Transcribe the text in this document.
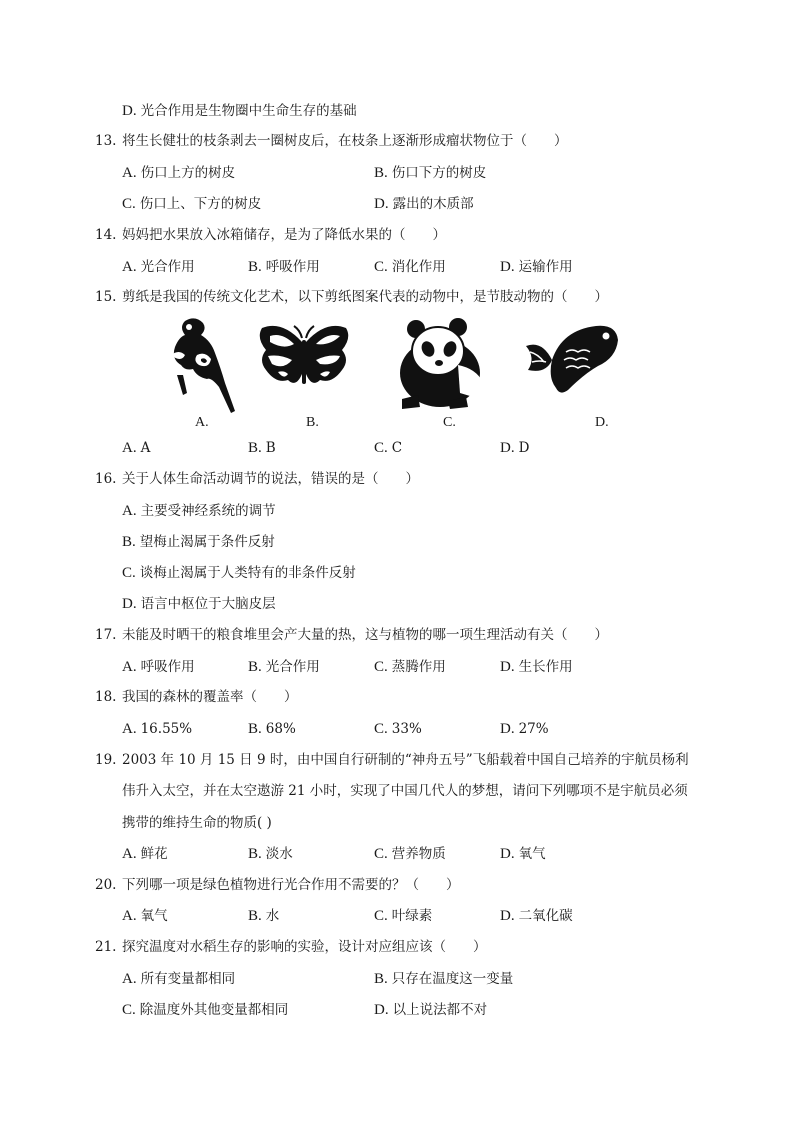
D. 光合作用是生物圈中生命生存的基础
13. 将生长健壮的枝条剥去一圈树皮后，在枝条上逐渐形成瘤状物位于（　　）
A. 伤口上方的树皮	B. 伤口下方的树皮
C. 伤口上、下方的树皮	D. 露出的木质部
14. 妈妈把水果放入冰箱储存，是为了降低水果的（　　）
A. 光合作用	B. 呼吸作用	C. 消化作用	D. 运输作用
15. 剪纸是我国的传统文化艺术，以下剪纸图案代表的动物中，是节肢动物的（　　）
A.	B.	C.	D.
A. A	B. B	C. C	D. D
16. 关于人体生命活动调节的说法，错误的是（　　）
A. 主要受神经系统的调节
B. 望梅止渴属于条件反射
C. 谈梅止渴属于人类特有的非条件反射
D. 语言中枢位于大脑皮层
17. 未能及时晒干的粮食堆里会产大量的热，这与植物的哪一项生理活动有关（　　）
A. 呼吸作用	B. 光合作用	C. 蒸腾作用	D. 生长作用
18. 我国的森林的覆盖率（　　）
A. 16.55%	B. 68%	C. 33%	D. 27%
19. 2003 年 10 月 15 日 9 时，由中国自行研制的“神舟五号”飞船载着中国自己培养的宇航员杨利
伟升入太空，并在太空遨游 21 小时，实现了中国几代人的梦想，请问下列哪项不是宇航员必须
携带的维持生命的物质( )
A. 鲜花	B. 淡水	C. 营养物质	D. 氧气
20. 下列哪一项是绿色植物进行光合作用不需要的？（　　）
A. 氧气	B. 水	C. 叶绿素	D. 二氧化碳
21. 探究温度对水稻生存的影响的实验，设计对应组应该（　　）
A. 所有变量都相同	B. 只存在温度这一变量
C. 除温度外其他变量都相同	D. 以上说法都不对
